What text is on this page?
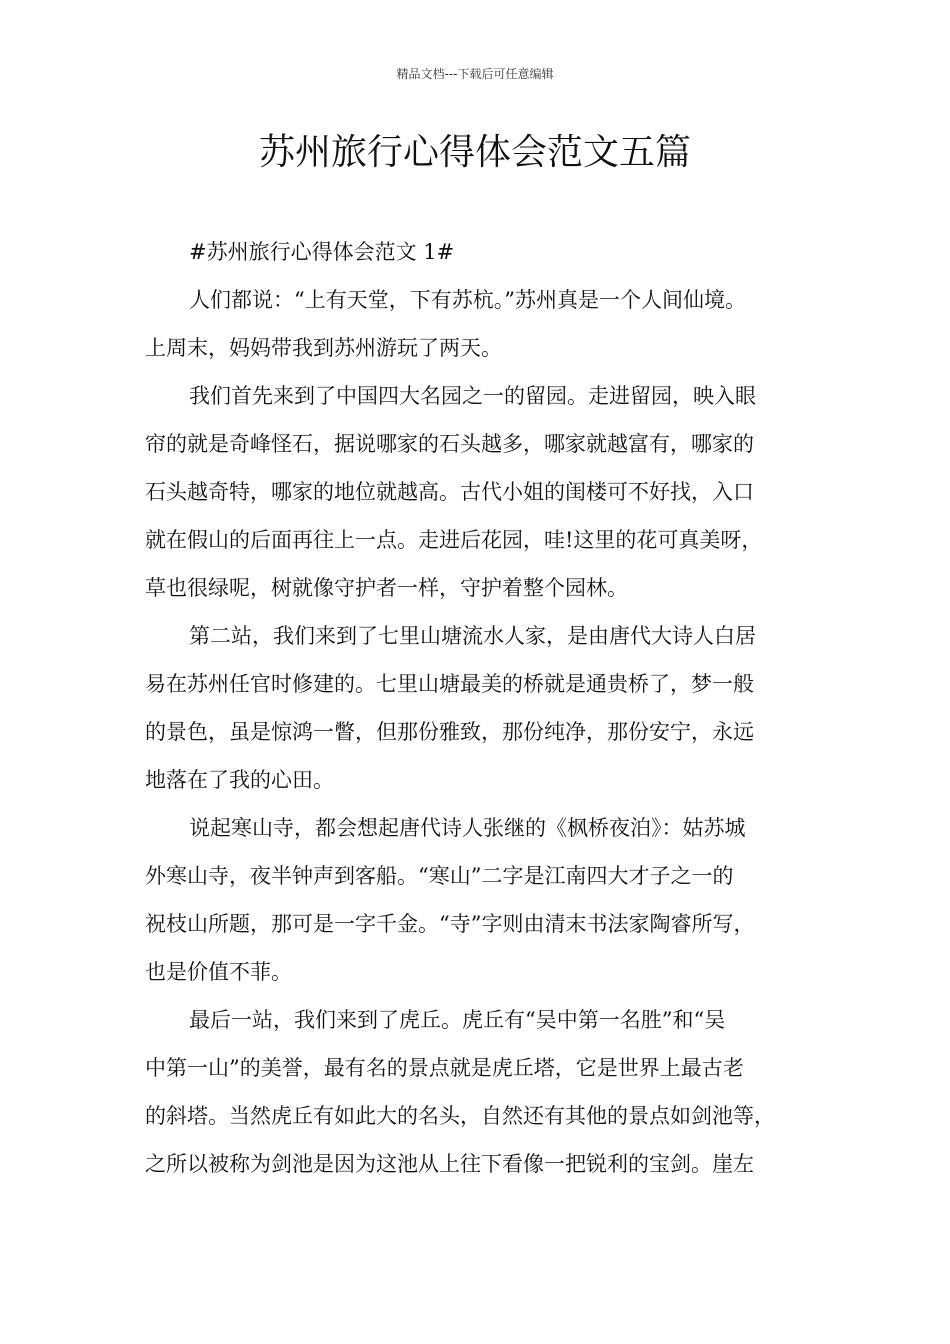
精品文档---下载后可任意编辑
苏州旅行心得体会范文五篇
#苏州旅行心得体会范文 1#
人们都说：“上有天堂，下有苏杭。”苏州真是一个人间仙境。
上周末，妈妈带我到苏州游玩了两天。
我们首先来到了中国四大名园之一的留园。走进留园，映入眼
帘的就是奇峰怪石，据说哪家的石头越多，哪家就越富有，哪家的
石头越奇特，哪家的地位就越高。古代小姐的闺楼可不好找，入口
就在假山的后面再往上一点。走进后花园，哇!这里的花可真美呀，
草也很绿呢，树就像守护者一样，守护着整个园林。
第二站，我们来到了七里山塘流水人家，是由唐代大诗人白居
易在苏州任官时修建的。七里山塘最美的桥就是通贵桥了，梦一般
的景色，虽是惊鸿一瞥，但那份雅致，那份纯净，那份安宁，永远
地落在了我的心田。
说起寒山寺，都会想起唐代诗人张继的《枫桥夜泊》：姑苏城
外寒山寺，夜半钟声到客船。“寒山”二字是江南四大才子之一的
祝枝山所题，那可是一字千金。“寺”字则由清末书法家陶睿所写，
也是价值不菲。
最后一站，我们来到了虎丘。虎丘有“吴中第一名胜”和“吴
中第一山”的美誉，最有名的景点就是虎丘塔，它是世界上最古老
的斜塔。当然虎丘有如此大的名头，自然还有其他的景点如剑池等，
之所以被称为剑池是因为这池从上往下看像一把锐利的宝剑。崖左
